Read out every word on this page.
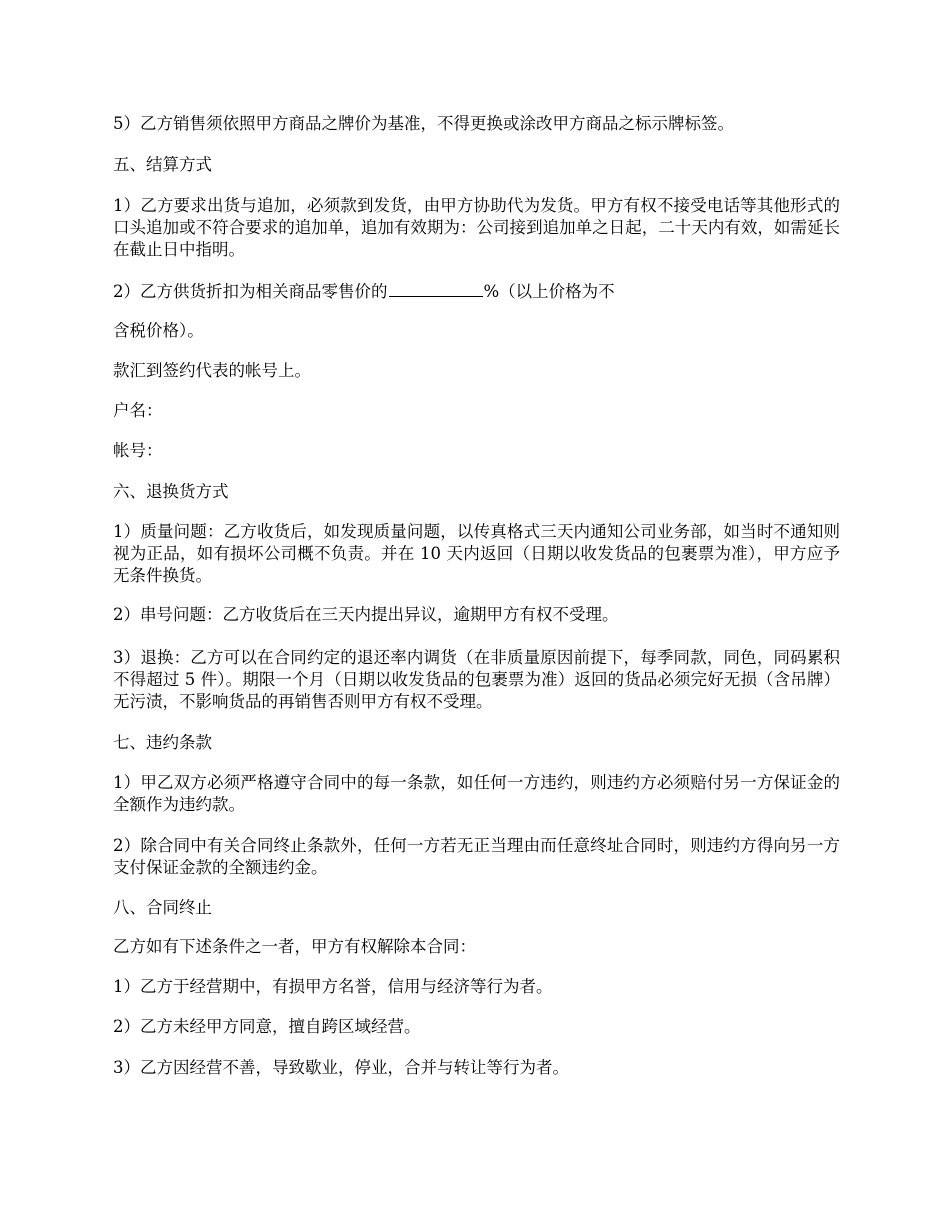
5）乙方销售须依照甲方商品之牌价为基准，不得更换或涂改甲方商品之标示牌标签。

五、结算方式

1）乙方要求出货与追加，必须款到发货，由甲方协助代为发货。甲方有权不接受电话等其他形式的口头追加或不符合要求的追加单，追加有效期为：公司接到追加单之日起，二十天内有效，如需延长在截止日中指明。

2）乙方供货折扣为相关商品零售价的	%（以上价格为不

含税价格）。

款汇到签约代表的帐号上。

户名：

帐号：

六、退换货方式

1）质量问题：乙方收货后，如发现质量问题，以传真格式三天内通知公司业务部，如当时不通知则视为正品，如有损坏公司概不负责。并在 10 天内返回（日期以收发货品的包裹票为准），甲方应予无条件换货。

2）串号问题：乙方收货后在三天内提出异议，逾期甲方有权不受理。

3）退换：乙方可以在合同约定的退还率内调货（在非质量原因前提下，每季同款，同色，同码累积不得超过 5 件）。期限一个月（日期以收发货品的包裹票为准）返回的货品必须完好无损（含吊牌）无污渍，不影响货品的再销售否则甲方有权不受理。

七、违约条款

1）甲乙双方必须严格遵守合同中的每一条款，如任何一方违约，则违约方必须赔付另一方保证金的全额作为违约款。

2）除合同中有关合同终止条款外，任何一方若无正当理由而任意终址合同时，则违约方得向另一方支付保证金款的全额违约金。

八、合同终止

乙方如有下述条件之一者，甲方有权解除本合同：

1）乙方于经营期中，有损甲方名誉，信用与经济等行为者。

2）乙方未经甲方同意，擅自跨区域经营。

3）乙方因经营不善，导致歇业，停业，合并与转让等行为者。
